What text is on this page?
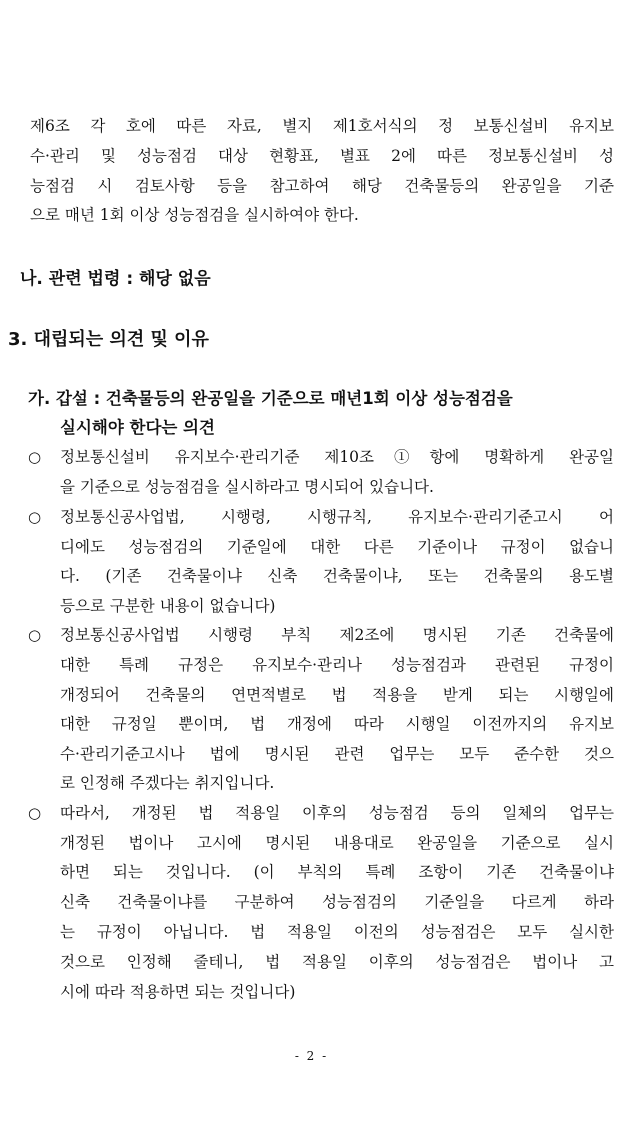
제6조 각 호에 따른 자료, 별지 제1호서식의 정 보통신설비 유지보
수·관리 및 성능점검 대상 현황표, 별표 2에 따른 정보통신설비 성
능점검 시 검토사항 등을 참고하여 해당 건축물등의 완공일을 기준
으로 매년 1회 이상 성능점검을 실시하여야 한다.
나. 관련 법령 : 해당 없음
3. 대립되는 의견 및 이유
가. 갑설 : 건축물등의 완공일을 기준으로 매년1회 이상 성능점검을
실시해야 한다는 의견
○ 정보통신설비 유지보수·관리기준 제10조①항에 명확하게 완공일
을 기준으로 성능점검을 실시하라고 명시되어 있습니다.
○ 정보통신공사업법, 시행령, 시행규칙, 유지보수·관리기준고시 어
디에도 성능점검의 기준일에 대한 다른 기준이나 규정이 없습니
다. (기존 건축물이냐 신축 건축물이냐, 또는 건축물의 용도별
등으로 구분한 내용이 없습니다)
○ 정보통신공사업법 시행령 부칙 제2조에 명시된 기존 건축물에
대한 특례 규정은 유지보수·관리나 성능점검과 관련된 규정이
개정되어 건축물의 연면적별로 법 적용을 받게 되는 시행일에
대한 규정일 뿐이며, 법 개정에 따라 시행일 이전까지의 유지보
수·관리기준고시나 법에 명시된 관련 업무는 모두 준수한 것으
로 인정해 주겠다는 취지입니다.
○ 따라서, 개정된 법 적용일 이후의 성능점검 등의 일체의 업무는
개정된 법이나 고시에 명시된 내용대로 완공일을 기준으로 실시
하면 되는 것입니다. (이 부칙의 특례 조항이 기존 건축물이냐
신축 건축물이냐를 구분하여 성능점검의 기준일을 다르게 하라
는 규정이 아닙니다. 법 적용일 이전의 성능점검은 모두 실시한
것으로 인정해 줄테니, 법 적용일 이후의 성능점검은 법이나 고
시에 따라 적용하면 되는 것입니다)
- 2 -
